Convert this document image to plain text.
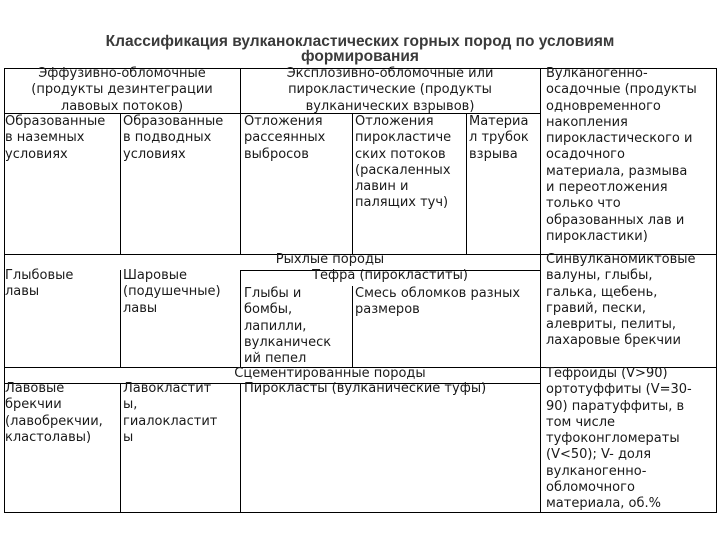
Классификация вулканокластических горных пород по условиям
формирования
Эффузивно-обломочные
(продукты дезинтеграции
лавовых потоков)
Эксплозивно-обломочные или
пирокластические (продукты
вулканических взрывов)
Вулканогенно-
осадочные (продукты
одновременного
накопления
пирокластического и
осадочного
материала, размыва
и переотложения
только что
образованных лав и
пирокластики)
Образованные
в наземных
условиях
Образованные
в подводных
условиях
Отложения
рассеянных
выбросов
Отложения
пирокластиче
ских потоков
(раскаленных
лавин и
палящих туч)
Материа
л трубок
взрыва
Рыхлые породы
Глыбовые
лавы
Шаровые
(подушечные)
лавы
Тефра (пирокластиты)
Глыбы и
бомбы,
лапилли,
вулканическ
ий пепел
Смесь обломков разных
размеров
Синвулканомиктовые
валуны, глыбы,
галька, щебень,
гравий, пески,
алевриты, пелиты,
лахаровые брекчии
Сцементированные породы
Лавовые
брекчии
(лавобрекчии,
кластолавы)
Лавокластит
ы,
гиалокластит
ы
Пирокласты (вулканические туфы)
Тефроиды (V>90)
ортотуффиты (V=30-
90) паратуффиты, в
том числе
туфоконгломераты
(V<50); V- доля
вулканогенно-
обломочного
материала, об.%
